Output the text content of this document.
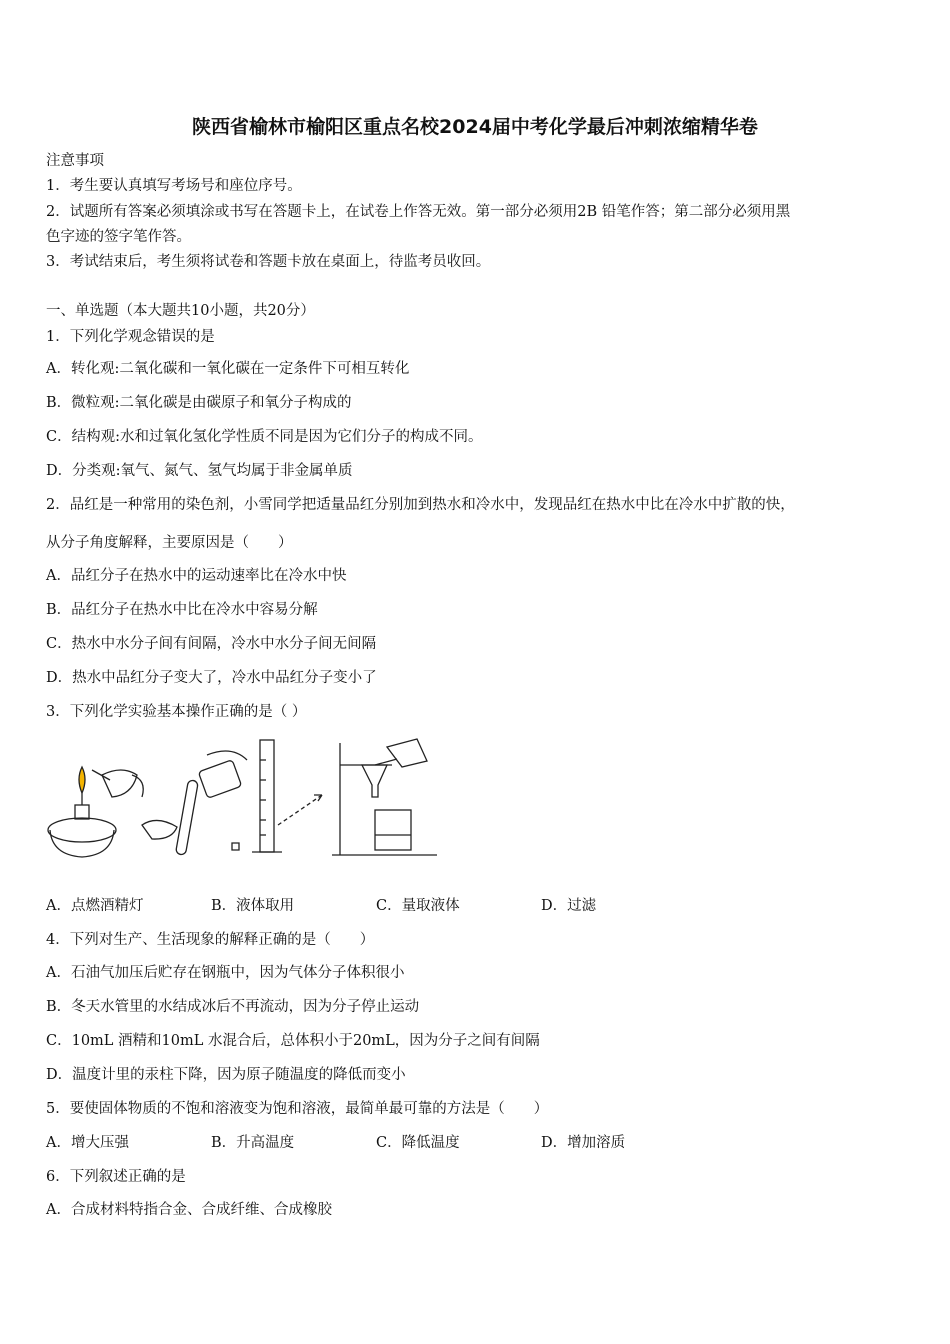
陕西省榆林市榆阳区重点名校2024届中考化学最后冲刺浓缩精华卷
注意事项
1．考生要认真填写考场号和座位序号。
2．试题所有答案必须填涂或书写在答题卡上，在试卷上作答无效。第一部分必须用2B 铅笔作答；第二部分必须用黑
色字迹的签字笔作答。
3．考试结束后，考生须将试卷和答题卡放在桌面上，待监考员收回。
一、单选题（本大题共10小题，共20分）
1．下列化学观念错误的是
A．转化观:二氧化碳和一氧化碳在一定条件下可相互转化
B．微粒观:二氧化碳是由碳原子和氧分子构成的
C．结构观:水和过氧化氢化学性质不同是因为它们分子的构成不同。
D．分类观:氧气、氮气、氢气均属于非金属单质
2．品红是一种常用的染色剂，小雪同学把适量品红分别加到热水和冷水中，发现品红在热水中比在冷水中扩散的快，
从分子角度解释，主要原因是（　　）
A．品红分子在热水中的运动速率比在冷水中快
B．品红分子在热水中比在冷水中容易分解
C．热水中水分子间有间隔，冷水中水分子间无间隔
D．热水中品红分子变大了，冷水中品红分子变小了
3．下列化学实验基本操作正确的是（ ）
A．点燃酒精灯	B．液体取用	C．量取液体	D．过滤
4．下列对生产、生活现象的解释正确的是（　　）
A．石油气加压后贮存在钢瓶中，因为气体分子体积很小
B．冬天水管里的水结成冰后不再流动，因为分子停止运动
C．10mL 酒精和10mL 水混合后，总体积小于20mL，因为分子之间有间隔
D．温度计里的汞柱下降，因为原子随温度的降低而变小
5．要使固体物质的不饱和溶液变为饱和溶液，最简单最可靠的方法是（　　）
A．增大压强	B．升高温度	C．降低温度	D．增加溶质
6．下列叙述正确的是
A．合成材料特指合金、合成纤维、合成橡胶
